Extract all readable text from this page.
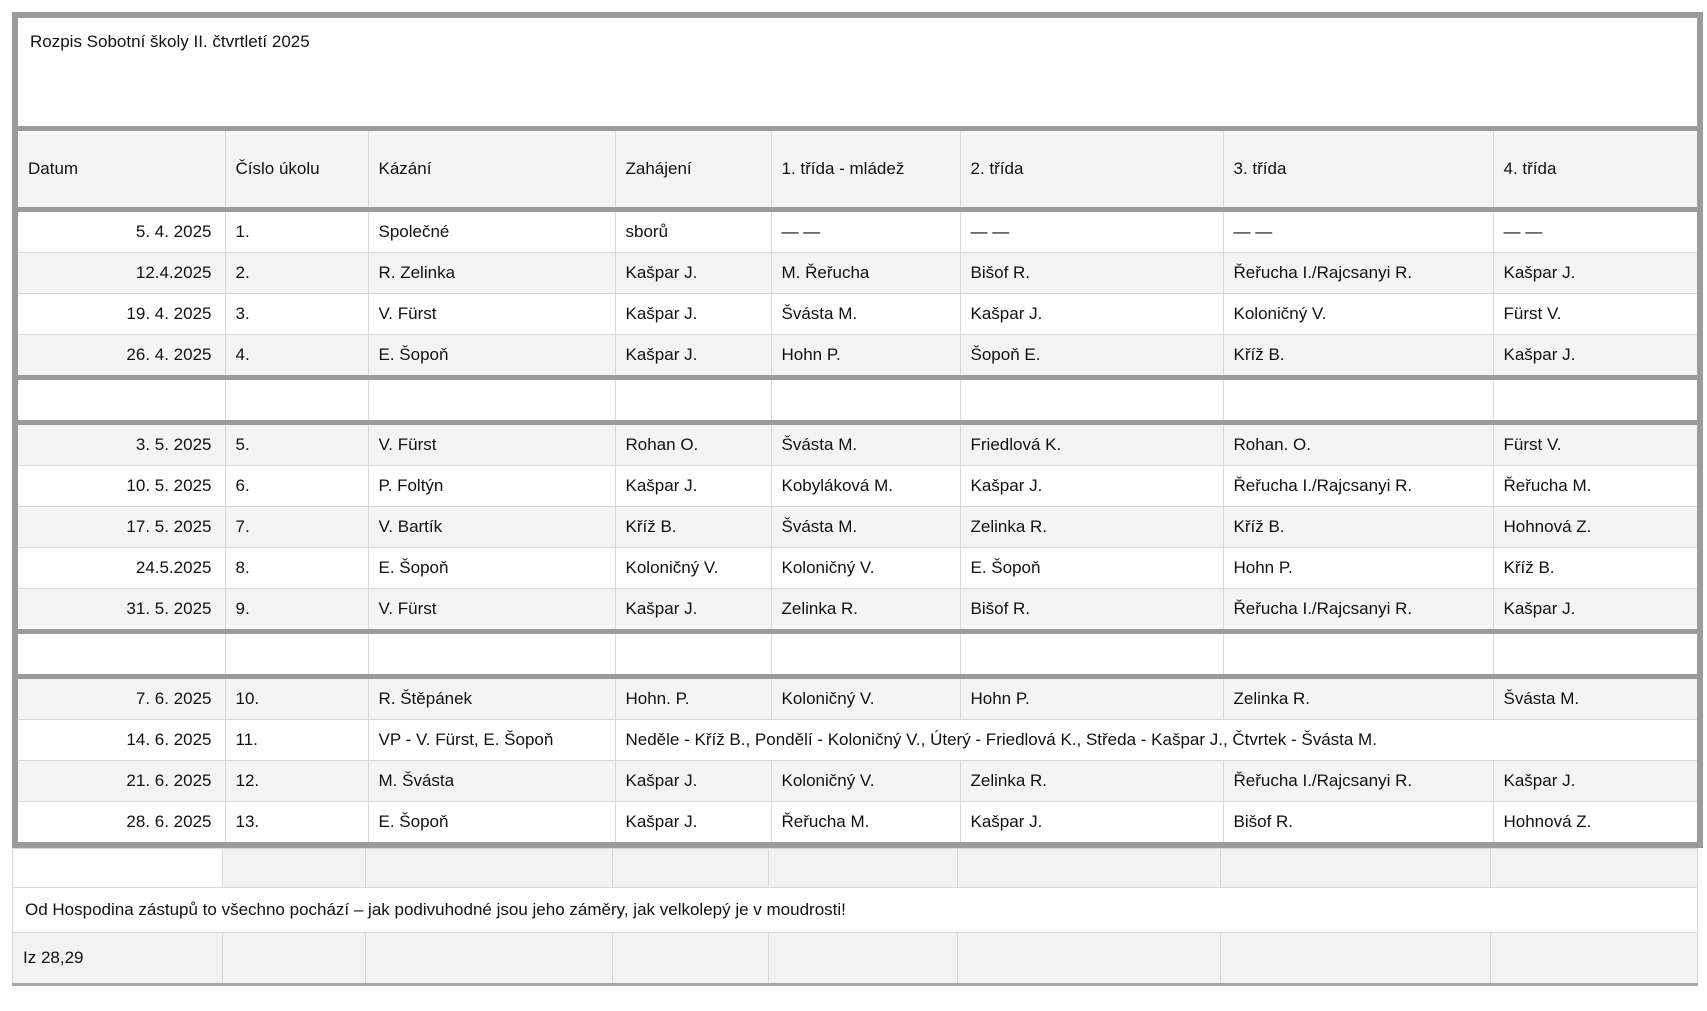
Rozpis Sobotní školy II. čtvrtletí 2025							
Datum	Číslo úkolu	Kázání	Zahájení	1. třída - mládež	2. třída	3. třída	4. třída
5. 4. 2025	1.	Společné	sborů	— —	— —	— —	— —
12.4.2025	2.	R. Zelinka	Kašpar J.	M. Řeřucha	Bišof R.	Řeřucha I./Rajcsanyi R.	Kašpar J.
19. 4. 2025	3.	V. Fürst	Kašpar J.	Švásta M.	Kašpar J.	Koloničný V.	Fürst V.
26. 4. 2025	4.	E. Šopoň	Kašpar J.	Hohn P.	Šopoň E.	Kříž B.	Kašpar J.

3. 5. 2025	5.	V. Fürst	Rohan O.	Švásta M.	Friedlová K.	Rohan. O.	Fürst V.
10. 5. 2025	6.	P. Foltýn	Kašpar J.	Kobyláková M.	Kašpar J.	Řeřucha I./Rajcsanyi R.	Řeřucha M.
17. 5. 2025	7.	V. Bartík	Kříž B.	Švásta M.	Zelinka R.	Kříž B.	Hohnová Z.
24.5.2025	8.	E. Šopoň	Koloničný V.	Koloničný V.	E. Šopoň	Hohn P.	Kříž B.
31. 5. 2025	9.	V. Fürst	Kašpar J.	Zelinka R.	Bišof R.	Řeřucha I./Rajcsanyi R.	Kašpar J.

7. 6. 2025	10.	R. Štěpánek	Hohn. P.	Koloničný V.	Hohn P.	Zelinka R.	Švásta M.
14. 6. 2025	11.	VP - V. Fürst, E. Šopoň	Neděle - Kříž B., Pondělí - Koloničný V., Úterý - Friedlová K., Středa - Kašpar J., Čtvrtek - Švásta M.				
21. 6. 2025	12.	M. Švásta	Kašpar J.	Koloničný V.	Zelinka R.	Řeřucha I./Rajcsanyi R.	Kašpar J.
28. 6. 2025	13.	E. Šopoň	Kašpar J.	Řeřucha M.	Kašpar J.	Bišof R.	Hohnová Z.

Od Hospodina zástupů to všechno pochází – jak podivuhodné jsou jeho záměry, jak velkolepý je v moudrosti!							
Iz 28,29							
